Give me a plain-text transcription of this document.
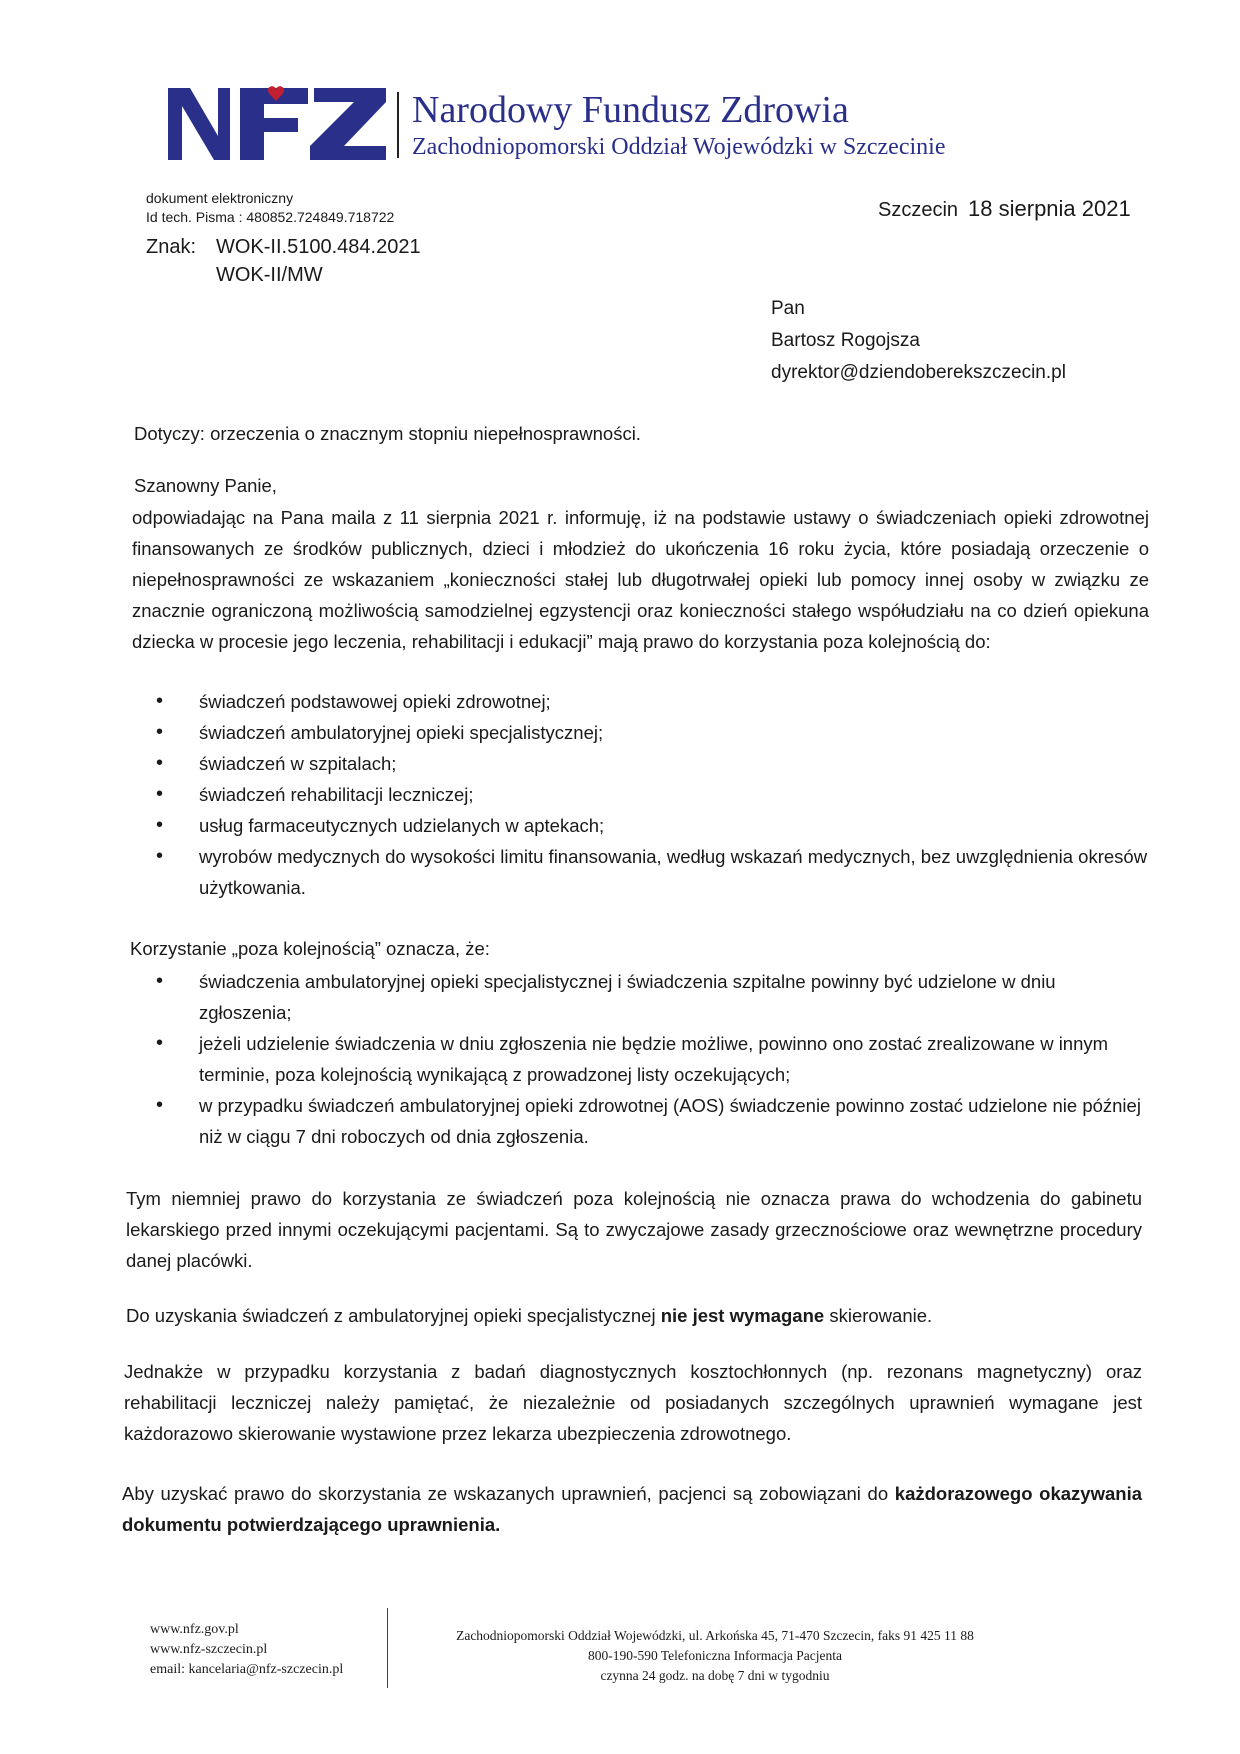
Narodowy Fundusz Zdrowia
Zachodniopomorski Oddział Wojewódzki w Szczecinie
dokument elektroniczny
Id tech. Pisma : 480852.724849.718722
Znak: WOK-II.5100.484.2021
WOK-II/MW
Szczecin 18 sierpnia 2021
Pan
Bartosz Rogojsza
dyrektor@dziendoberekszczecin.pl
Dotyczy: orzeczenia o znacznym stopniu niepełnosprawności.
Szanowny Panie,
odpowiadając na Pana maila z 11 sierpnia 2021 r. informuję, iż na podstawie ustawy o świadczeniach opieki zdrowotnej finansowanych ze środków publicznych, dzieci i młodzież do ukończenia 16 roku życia, które posiadają orzeczenie o niepełnosprawności ze wskazaniem „konieczności stałej lub długotrwałej opieki lub pomocy innej osoby w związku ze znacznie ograniczoną możliwością samodzielnej egzystencji oraz konieczności stałego współudziału na co dzień opiekuna dziecka w procesie jego leczenia, rehabilitacji i edukacji” mają prawo do korzystania poza kolejnością do:
• świadczeń podstawowej opieki zdrowotnej;
• świadczeń ambulatoryjnej opieki specjalistycznej;
• świadczeń w szpitalach;
• świadczeń rehabilitacji leczniczej;
• usług farmaceutycznych udzielanych w aptekach;
• wyrobów medycznych do wysokości limitu finansowania, według wskazań medycznych, bez uwzględnienia okresów użytkowania.
Korzystanie „poza kolejnością” oznacza, że:
• świadczenia ambulatoryjnej opieki specjalistycznej i świadczenia szpitalne powinny być udzielone w dniu zgłoszenia;
• jeżeli udzielenie świadczenia w dniu zgłoszenia nie będzie możliwe, powinno ono zostać zrealizowane w innym terminie, poza kolejnością wynikającą z prowadzonej listy oczekujących;
• w przypadku świadczeń ambulatoryjnej opieki zdrowotnej (AOS) świadczenie powinno zostać udzielone nie później niż w ciągu 7 dni roboczych od dnia zgłoszenia.
Tym niemniej prawo do korzystania ze świadczeń poza kolejnością nie oznacza prawa do wchodzenia do gabinetu lekarskiego przed innymi oczekującymi pacjentami. Są to zwyczajowe zasady grzecznościowe oraz wewnętrzne procedury danej placówki.
Do uzyskania świadczeń z ambulatoryjnej opieki specjalistycznej nie jest wymagane skierowanie.
Jednakże w przypadku korzystania z badań diagnostycznych kosztochłonnych (np. rezonans magnetyczny) oraz rehabilitacji leczniczej należy pamiętać, że niezależnie od posiadanych szczególnych uprawnień wymagane jest każdorazowo skierowanie wystawione przez lekarza ubezpieczenia zdrowotnego.
Aby uzyskać prawo do skorzystania ze wskazanych uprawnień, pacjenci są zobowiązani do każdorazowego okazywania dokumentu potwierdzającego uprawnienia.
www.nfz.gov.pl
www.nfz-szczecin.pl
email: kancelaria@nfz-szczecin.pl
Zachodniopomorski Oddział Wojewódzki, ul. Arkońska 45, 71-470 Szczecin, faks 91 425 11 88
800-190-590 Telefoniczna Informacja Pacjenta
czynna 24 godz. na dobę 7 dni w tygodniu
